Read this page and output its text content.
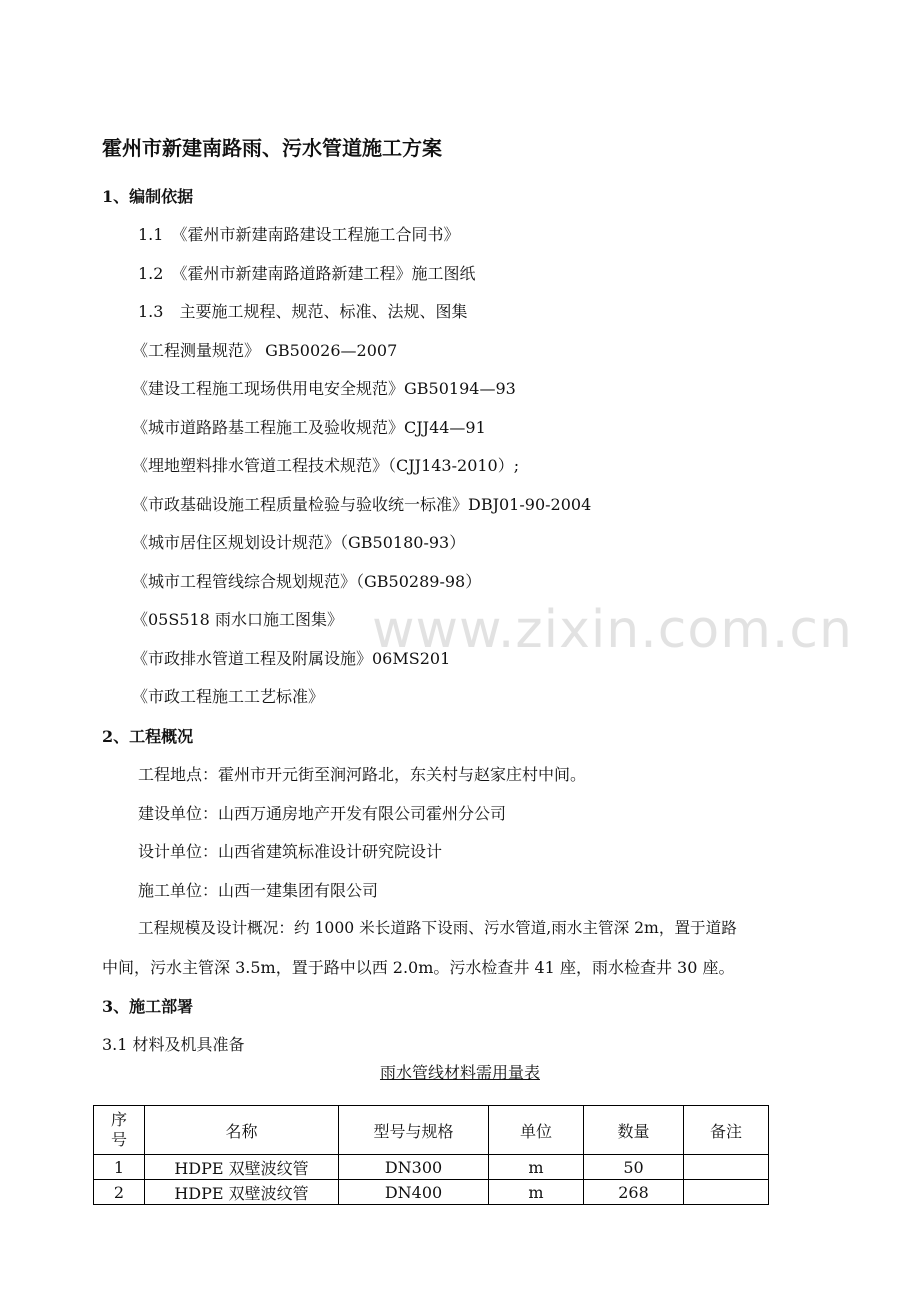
www.zixin.com.cn
霍州市新建南路雨、污水管道施工方案
1、编制依据
1.1　《霍州市新建南路建设工程施工合同书》
1.2　《霍州市新建南路道路新建工程》施工图纸
1.3　主要施工规程、规范、标准、法规、图集
《工程测量规范》 GB50026—2007
《建设工程施工现场供用电安全规范》GB50194—93
《城市道路路基工程施工及验收规范》CJJ44—91
《埋地塑料排水管道工程技术规范》（CJJ143-2010）;
《市政基础设施工程质量检验与验收统一标准》DBJ01-90-2004
《城市居住区规划设计规范》（GB50180-93）
《城市工程管线综合规划规范》（GB50289-98）
《05S518 雨水口施工图集》
《市政排水管道工程及附属设施》06MS201
《市政工程施工工艺标准》
2、工程概况
工程地点：霍州市开元街至涧河路北，东关村与赵家庄村中间。
建设单位：山西万通房地产开发有限公司霍州分公司
设计单位：山西省建筑标准设计研究院设计
施工单位：山西一建集团有限公司
工程规模及设计概况：约 1000 米长道路下设雨、污水管道,雨水主管深 2m，置于道路
中间，污水主管深 3.5m，置于路中以西 2.0m。污水检查井 41 座，雨水检查井 30 座。
3、施工部署
3.1 材料及机具准备
雨水管线材料需用量表
序
号	名称	型号与规格	单位	数量	备注
1	HDPE 双壁波纹管	DN300	m	50	
2	HDPE 双壁波纹管	DN400	m	268	
